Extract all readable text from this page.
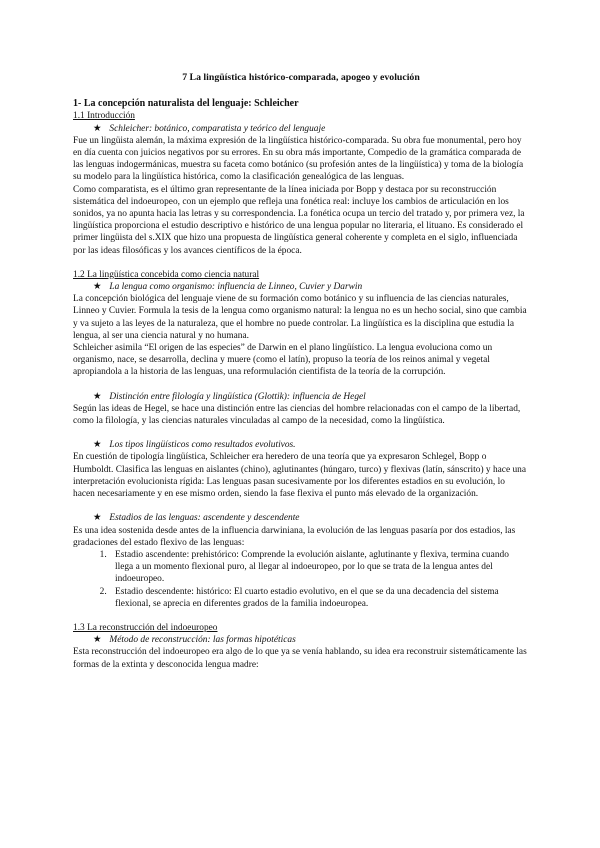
7 La lingüística histórico-comparada, apogeo y evolución
1- La concepción naturalista del lenguaje: Schleicher
1.1 Introducción
★ Schleicher: botánico, comparatista y teórico del lenguaje

Fue un lingüista alemán, la máxima expresión de la lingüística histórico-comparada. Su obra fue monumental, pero hoy en día cuenta con juicios negativos por su errores. En su obra más importante, Compedio de la gramática comparada de las lenguas indogermánicas, muestra su faceta como botánico (su profesión antes de la lingüística) y toma de la biología su modelo para la lingüística histórica, como la clasificación genealógica de las lenguas.

Como comparatista, es el último gran representante de la línea iniciada por Bopp y destaca por su reconstrucción sistemática del indoeuropeo, con un ejemplo que refleja una fonética real: incluye los cambios de articulación en los sonidos, ya no apunta hacia las letras y su correspondencia. La fonética ocupa un tercio del tratado y, por primera vez, la lingüística proporciona el estudio descriptivo e histórico de una lengua popular no literaria, el lituano. Es considerado el primer lingüista del s.XIX que hizo una propuesta de lingüística general coherente y completa en el siglo, influenciada por las ideas filosóficas y los avances científicos de la época.

1.2 La lingüística concebida como ciencia natural
★ La lengua como organismo: influencia de Linneo, Cuvier y Darwin

La concepción biológica del lenguaje viene de su formación como botánico y su influencia de las ciencias naturales, Linneo y Cuvier. Formula la tesis de la lengua como organismo natural: la lengua no es un hecho social, sino que cambia y va sujeto a las leyes de la naturaleza, que el hombre no puede controlar. La lingüística es la disciplina que estudia la lengua, al ser una ciencia natural y no humana.

Schleicher asimila “El origen de las especies” de Darwin en el plano lingüístico. La lengua evoluciona como un organismo, nace, se desarrolla, declina y muere (como el latín), propuso la teoría de los reinos animal y vegetal apropiandola a la historia de las lenguas, una reformulación cientifista de la teoría de la corrupción.

★ Distinción entre filología y lingüística (Glottik): influencia de Hegel

Según las ideas de Hegel, se hace una distinción entre las ciencias del hombre relacionadas con el campo de la libertad, como la filología, y las ciencias naturales vinculadas al campo de la necesidad, como la lingüística.

★ Los tipos lingüísticos como resultados evolutivos.

En cuestión de tipología lingüística, Schleicher era heredero de una teoría que ya expresaron Schlegel, Bopp o Humboldt. Clasifica las lenguas en aislantes (chino), aglutinantes (húngaro, turco) y flexivas (latín, sánscrito) y hace una interpretación evolucionista rígida: Las lenguas pasan sucesivamente por los diferentes estadios en su evolución, lo hacen necesariamente y en ese mismo orden, siendo la fase flexiva el punto más elevado de la organización.

★ Estadios de las lenguas: ascendente y descendente

Es una idea sostenida desde antes de la influencia darwiniana, la evolución de las lenguas pasaría por dos estadios, las gradaciones del estado flexivo de las lenguas:

1. Estadio ascendente: prehistórico: Comprende la evolución aislante, aglutinante y flexiva, termina cuando llega a un momento flexional puro, al llegar al indoeuropeo, por lo que se trata de la lengua antes del indoeuropeo.
2. Estadio descendente: histórico: El cuarto estadio evolutivo, en el que se da una decadencia del sistema flexional, se aprecia en diferentes grados de la familia indoeuropea.
1.3 La reconstrucción del indoeuropeo
★ Método de reconstrucción: las formas hipotéticas

Esta reconstrucción del indoeuropeo era algo de lo que ya se venía hablando, su idea era reconstruir sistemáticamente las formas de la extinta y desconocida lengua madre:
